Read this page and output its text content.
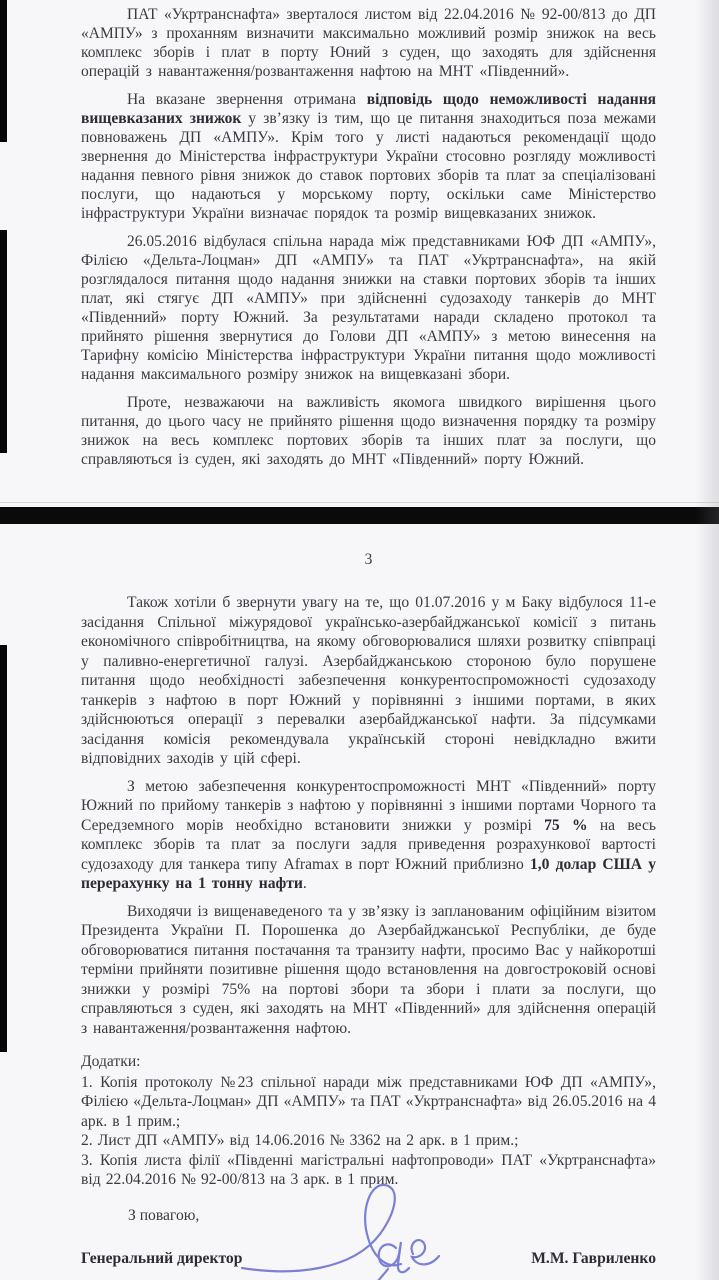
ПАТ «Укртранснафта» зверталося листом від 22.04.2016 № 92-00/813 до ДП «АМПУ» з проханням визначити максимально можливий розмір знижок на весь комплекс зборів і плат в порту Юний з суден, що заходять для здійснення операцій з навантаження/розвантаження нафтою на МНТ «Південний».

На вказане звернення отримана відповідь щодо неможливості надання вищевказаних знижок у зв’язку із тим, що це питання знаходиться поза межами повноважень ДП «АМПУ». Крім того у листі надаються рекомендації щодо звернення до Міністерства інфраструктури України стосовно розгляду можливості надання певного рівня знижок до ставок портових зборів та плат за спеціалізовані послуги, що надаються у морському порту, оскільки саме Міністерство інфраструктури України визначає порядок та розмір вищевказаних знижок.

26.05.2016 відбулася спільна нарада між представниками ЮФ ДП «АМПУ», Філією «Дельта-Лоцман» ДП «АМПУ» та ПАТ «Укртранснафта», на якій розглядалося питання щодо надання знижки на ставки портових зборів та інших плат, які стягує ДП «АМПУ» при здійсненні судозаходу танкерів до МНТ «Південний» порту Южний. За результатами наради складено протокол та прийнято рішення звернутися до Голови ДП «АМПУ» з метою винесення на Тарифну комісію Міністерства інфраструктури України питання щодо можливості надання максимального розміру знижок на вищевказані збори.

Проте, незважаючи на важливість якомога швидкого вирішення цього питання, до цього часу не прийнято рішення щодо визначення порядку та розміру знижок на весь комплекс портових зборів та інших плат за послуги, що справляються із суден, які заходять до МНТ «Південний» порту Южний.

3

Також хотіли б звернути увагу на те, що 01.07.2016 у м Баку відбулося 11-е засідання Спільної міжурядової українсько-азербайджанської комісії з питань економічного співробітництва, на якому обговорювалися шляхи розвитку співпраці у паливно-енергетичної галузі. Азербайджанською стороною було порушене питання щодо необхідності забезпечення конкурентоспроможності судозаходу танкерів з нафтою в порт Южний у порівнянні з іншими портами, в яких здійснюються операції з перевалки азербайджанської нафти. За підсумками засідання комісія рекомендувала українській стороні невідкладно вжити відповідних заходів у цій сфері.

З метою забезпечення конкурентоспроможності МНТ «Південний» порту Южний по прийому танкерів з нафтою у порівнянні з іншими портами Чорного та Середземного морів необхідно встановити знижки у розмірі 75 % на весь комплекс зборів та плат за послуги задля приведення розрахункової вартості судозаходу для танкера типу Aframax в порт Южний приблизно 1,0 долар США у перерахунку на 1 тонну нафти.

Виходячи із вищенаведеного та у зв’язку із запланованим офіційним візитом Президента України П. Порошенка до Азербайджанської Республіки, де буде обговорюватися питання постачання та транзиту нафти, просимо Вас у найкоротші терміни прийняти позитивне рішення щодо встановлення на довгостроковій основі знижки у розмірі 75% на портові збори та збори і плати за послуги, що справляються з суден, які заходять на МНТ «Південний» для здійснення операцій з навантаження/розвантаження нафтою.

Додатки:
1. Копія протоколу №23 спільної наради між представниками ЮФ ДП «АМПУ», Філією «Дельта-Лоцман» ДП «АМПУ» та ПАТ «Укртранснафта» від 26.05.2016 на 4 арк. в 1 прим.;
2. Лист ДП «АМПУ» від 14.06.2016 № 3362 на 2 арк. в 1 прим.;
3. Копія листа філії «Південні магістральні нафтопроводи» ПАТ «Укртранснафта» від 22.04.2016 № 92-00/813 на 3 арк. в 1 прим.
З повагою,
Генеральний директор	М.М. Гавриленко
